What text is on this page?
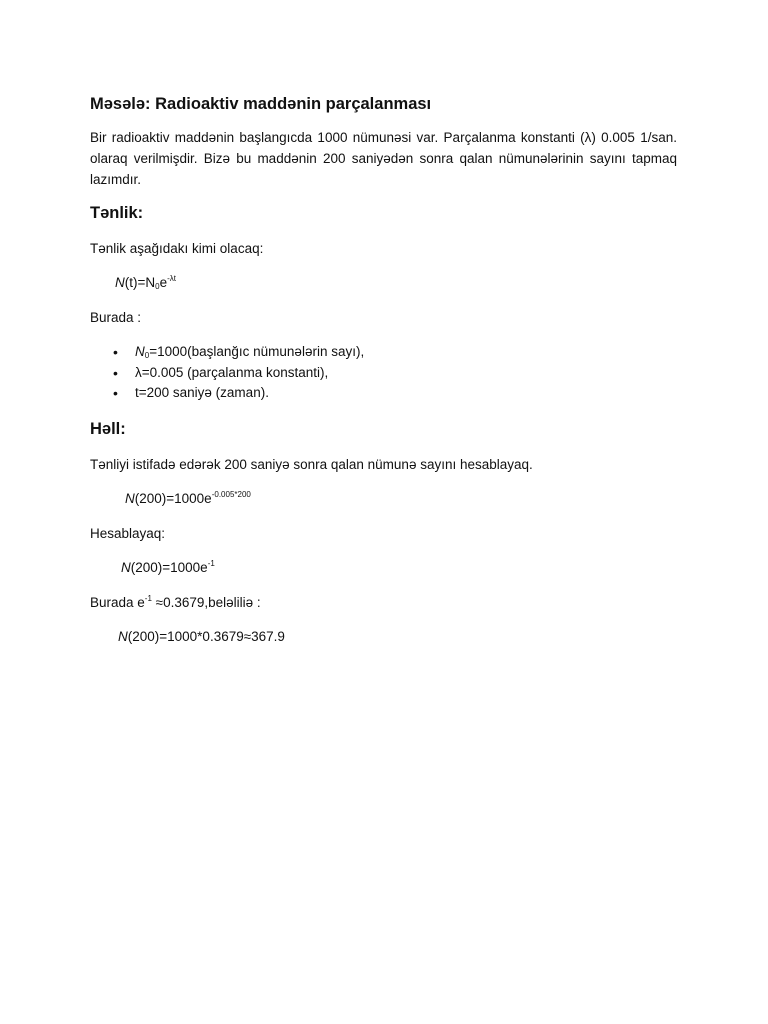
Məsələ: Radioaktiv maddənin parçalanması

Bir radioaktiv maddənin başlangıcda 1000 nümunəsi var. Parçalanma konstanti (λ) 0.005 1/san. olaraq verilmişdir. Bizə bu maddənin 200 saniyədən sonra qalan nümunələrinin sayını tapmaq lazımdır.

Tənlik:

Tənlik aşağıdakı kimi olacaq:

$N(t)=N_0e^{-\lambda t}$

Burada :

• $N_0=1000(başlanğıc$ nümunələrin sayı),
• λ=0.005 (parçalanma konstanti),
• t=200 saniyə (zaman).
Həll:

Tənliyi istifadə edərək 200 saniyə sonra qalan nümunə sayını hesablayaq.

$N(200)=1000e^{-0.005*200}$

Hesablayaq:

$N(200)=1000e^{-1}$

Burada $e^{-1}$ ≈0.3679,beləliliə :

N(200)=1000*0.3679≈367.9
